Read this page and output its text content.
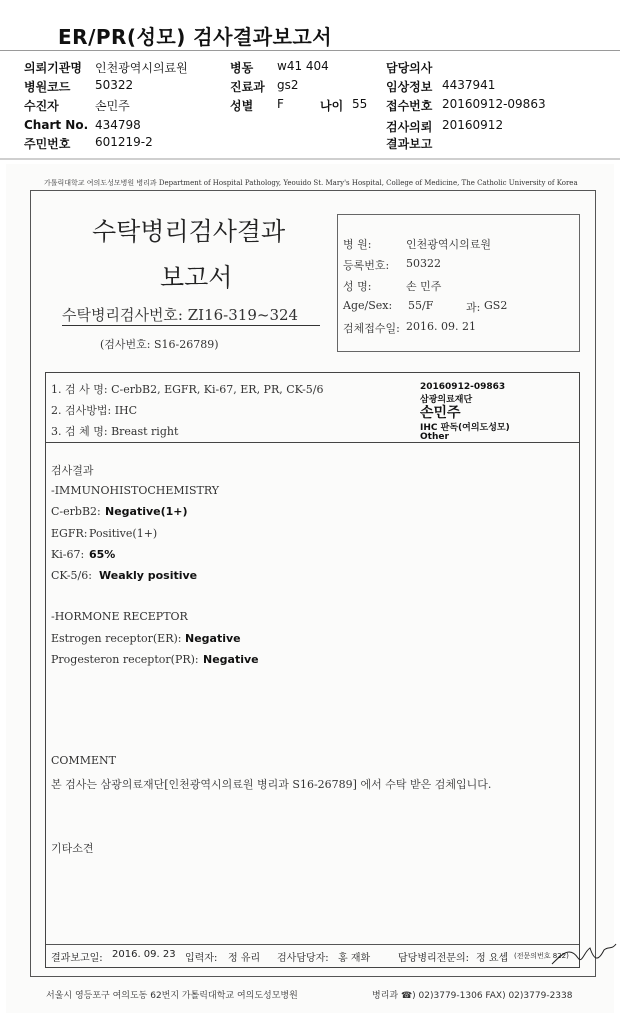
ER/PR(성모) 검사결과보고서
의뢰기관명 인천광역시의료원	병동 w41 404	담당의사
병원코드 50322	진료과 gs2	임상정보 4437941
수진자	손민주	성별 F	나이 55 접수번호 20160912-09863
Chart No. 434798	검사의뢰 20160912
주민번호 601219-2	결과보고
가톨릭대학교 여의도성모병원 병리과 Department of Hospital Pathology, Yeouido St. Mary's Hospital, College of Medicine, The Catholic University of Korea
수탁병리검사결과
보고서
수탁병리검사번호: ZI16-319~324
(검사번호: S16-26789)
병 원:	인천광역시의료원
등록번호: 50322
성 명:	손 민주
Age/Sex: 55/F	과: GS2
검체접수일: 2016. 09. 21
1. 검 사 명: C-erbB2, EGFR, Ki-67, ER, PR, CK-5/6
2. 검사방법: IHC
3. 검 체 명: Breast right
20160912-09863
삼광의료재단
손민주
IHC 판독(여의도성모)
Other
검사결과
-IMMUNOHISTOCHEMISTRY
C-erbB2: Negative(1+)
EGFR: Positive(1+)
Ki-67: 65%
CK-5/6: Weakly positive
-HORMONE RECEPTOR
Estrogen receptor(ER): Negative
Progesteron receptor(PR): Negative
COMMENT
본 검사는 삼광의료재단[인천광역시의료원 병리과 S16-26789] 에서 수탁 받은 검체입니다.
기타소견
결과보고일: 2016. 09. 23 입력자: 정 유리 검사담당자: 홍 재화	담당병리전문의: 정 요셉 (전문의번호 822)
서울시 영등포구 여의도동 62번지 가톨릭대학교 여의도성모병원	병리과 ☎) 02)3779-1306 FAX) 02)3779-2338
